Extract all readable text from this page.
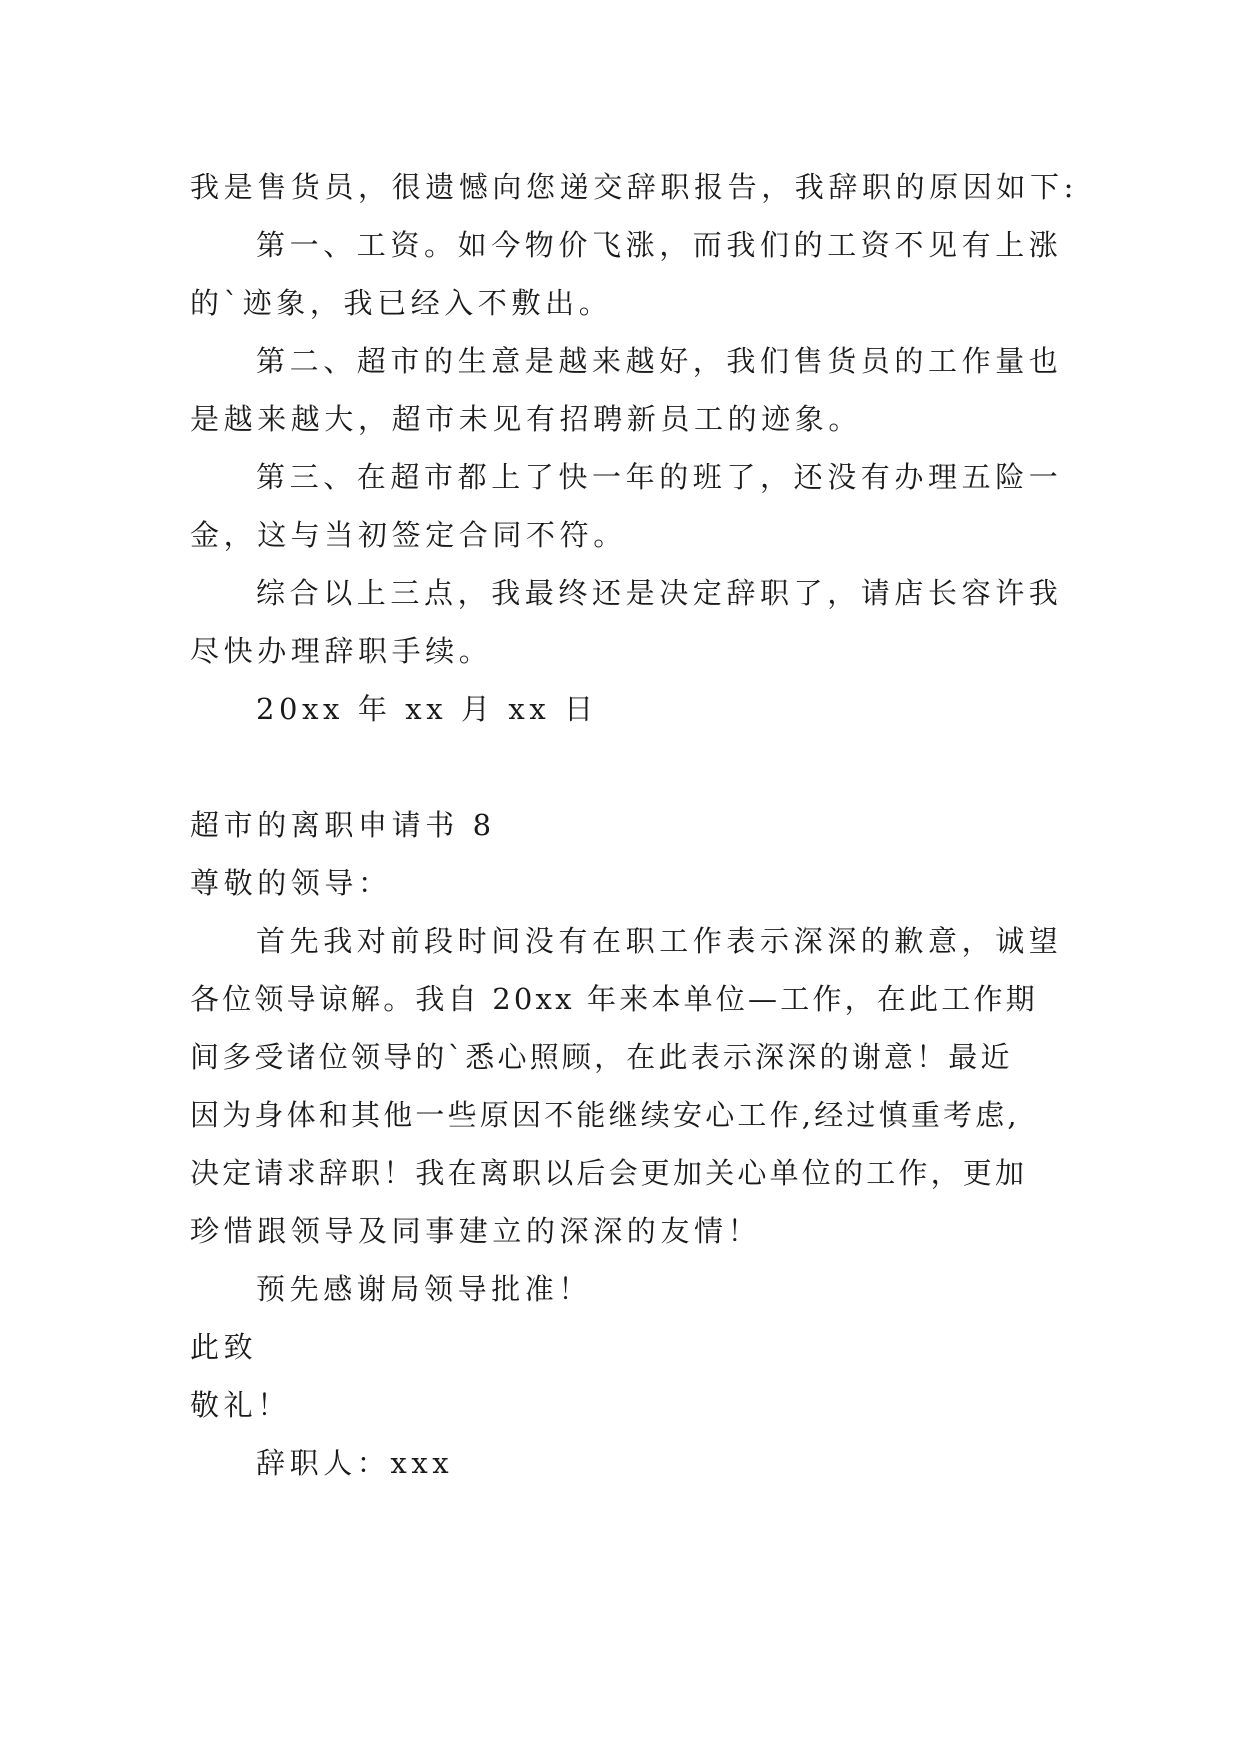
我是售货员，很遗憾向您递交辞职报告，我辞职的原因如下:
第一、工资。如今物价飞涨，而我们的工资不见有上涨
的`迹象，我已经入不敷出。
第二、超市的生意是越来越好，我们售货员的工作量也
是越来越大，超市未见有招聘新员工的迹象。
第三、在超市都上了快一年的班了，还没有办理五险一
金，这与当初签定合同不符。
综合以上三点，我最终还是决定辞职了，请店长容许我
尽快办理辞职手续。
20xx 年 xx 月 xx 日
超市的离职申请书 8
尊敬的领导：
首先我对前段时间没有在职工作表示深深的歉意，诚望
各位领导谅解。我自 20xx 年来本单位—工作，在此工作期
间多受诸位领导的`悉心照顾，在此表示深深的谢意！最近
因为身体和其他一些原因不能继续安心工作,经过慎重考虑,
决定请求辞职！我在离职以后会更加关心单位的工作，更加
珍惜跟领导及同事建立的深深的友情！
预先感谢局领导批准！
此致
敬礼！
辞职人：xxx
